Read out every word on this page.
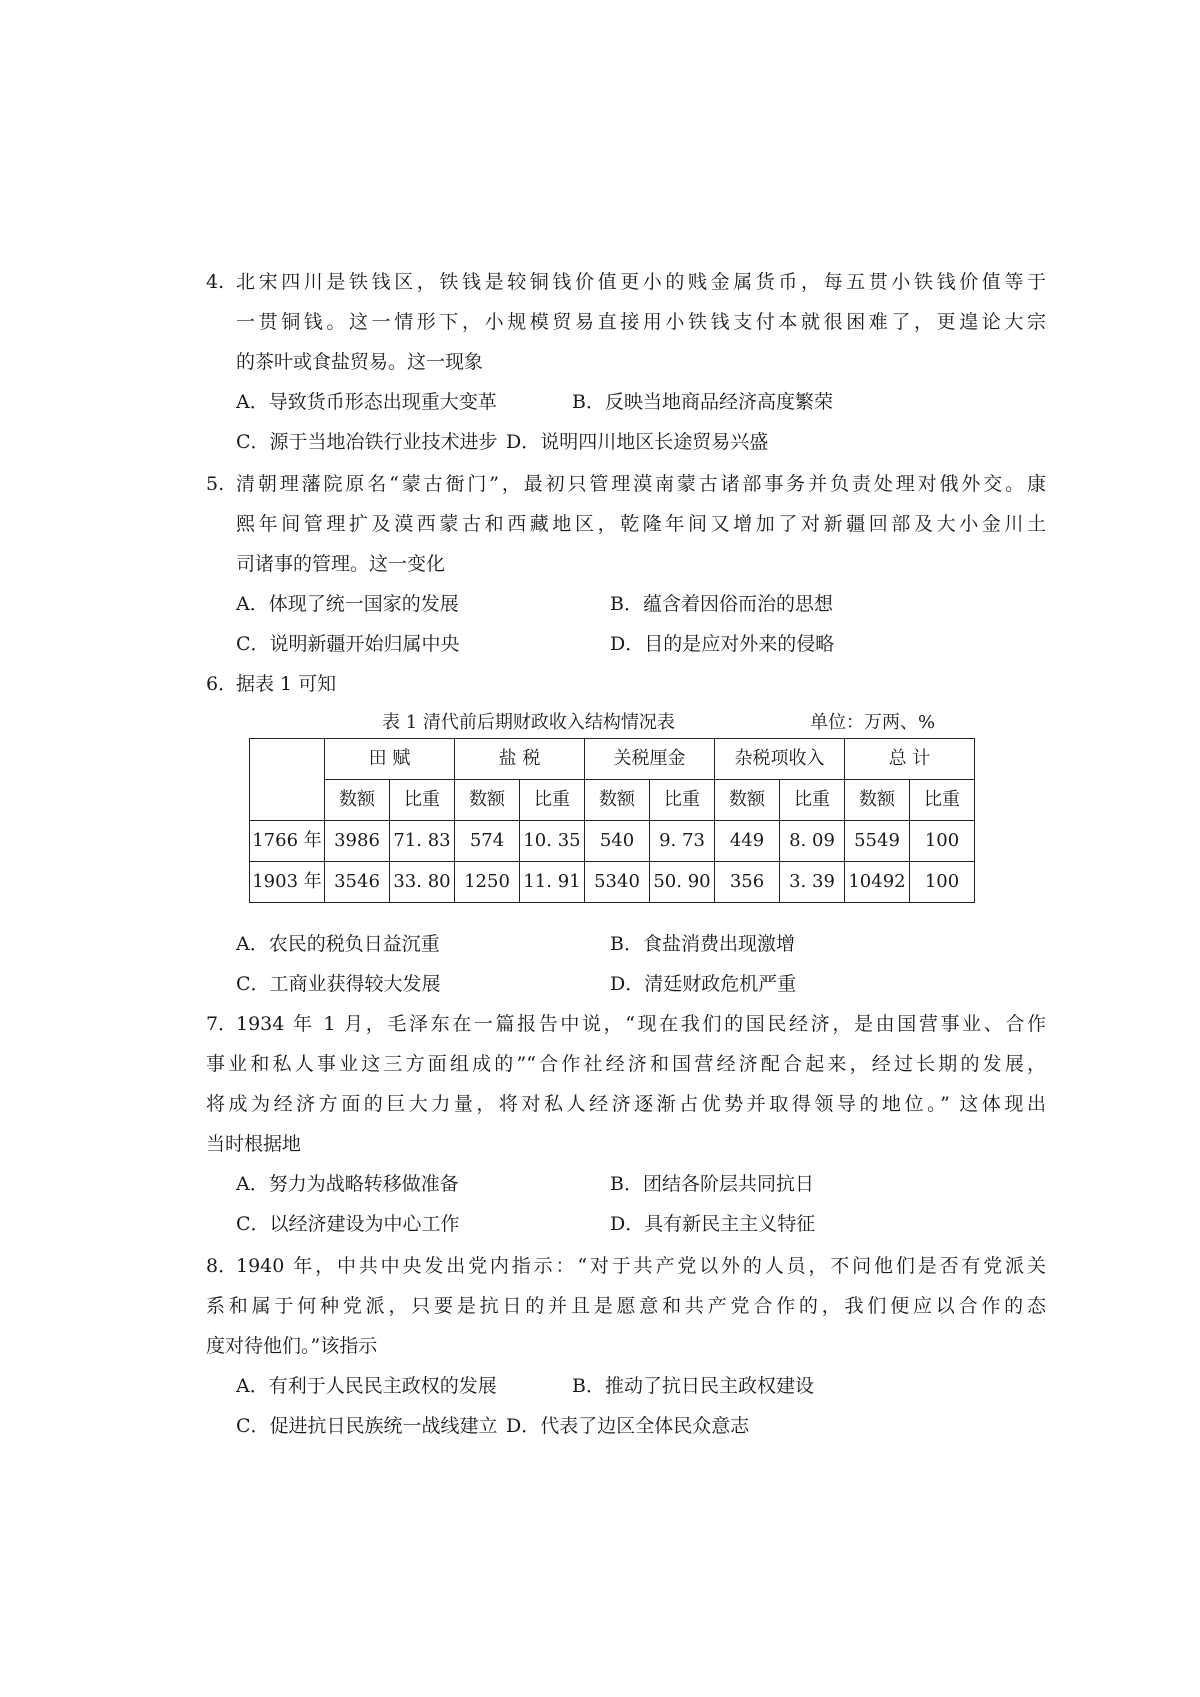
4. 北宋四川是铁钱区，铁钱是较铜钱价值更小的贱金属货币，每五贯小铁钱价值等于
一贯铜钱。这一情形下，小规模贸易直接用小铁钱支付本就很困难了，更遑论大宗
的茶叶或食盐贸易。这一现象
A．导致货币形态出现重大变革	B．反映当地商品经济高度繁荣
C．源于当地冶铁行业技术进步 D．说明四川地区长途贸易兴盛
5. 清朝理藩院原名“蒙古衙门”，最初只管理漠南蒙古诸部事务并负责处理对俄外交。康
熙年间管理扩及漠西蒙古和西藏地区，乾隆年间又增加了对新疆回部及大小金川土
司诸事的管理。这一变化
A．体现了统一国家的发展	B．蕴含着因俗而治的思想
C．说明新疆开始归属中央	D．目的是应对外来的侵略
6．
据表 1 可知
表 1 清代前后期财政收入结构情况表	单位：万两、%
	田 赋		盐 税		关税厘金		杂税项收入		总 计	
	数额	比重	数额	比重	数额	比重	数额	比重	数额	比重
1766 年	3986	71. 83	574	10. 35	540	9. 73	449	8. 09	5549	100
1903 年	3546	33. 80	1250	11. 91	5340	50. 90	356	3. 39	10492	100
A．农民的税负日益沉重	B．食盐消费出现激增
C．工商业获得较大发展	D．清廷财政危机严重
7．
1934 年 1 月，毛泽东在一篇报告中说，“现在我们的国民经济，是由国营事业、合作
事业和私人事业这三方面组成的”“合作社经济和国营经济配合起来，经过长期的发展，
将成为经济方面的巨大力量，将对私人经济逐渐占优势并取得领导的地位。” 这体现出
当时根据地
A．努力为战略转移做准备	B．团结各阶层共同抗日
C．以经济建设为中心工作	D．具有新民主主义特征
8．
1940 年，中共中央发出党内指示：“对于共产党以外的人员，不问他们是否有党派关
系和属于何种党派，只要是抗日的并且是愿意和共产党合作的，我们便应以合作的态
度对待他们。”该指示
A．有利于人民民主政权的发展	B．推动了抗日民主政权建设
C．促进抗日民族统一战线建立 D．代表了边区全体民众意志
